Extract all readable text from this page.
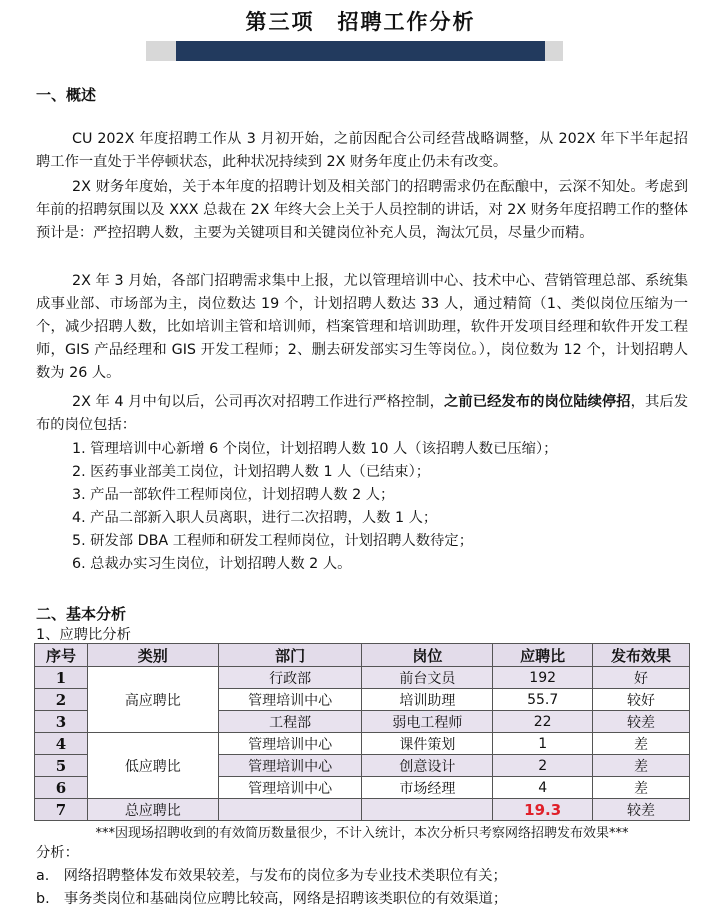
第三项　招聘工作分析
一、概述
CU 202X 年度招聘工作从 3 月初开始，之前因配合公司经营战略调整，从 202X 年下半年起招聘工作一直处于半停顿状态，此种状况持续到 2X 财务年度止仍未有改变。
2X 财务年度始，关于本年度的招聘计划及相关部门的招聘需求仍在酝酿中，云深不知处。考虑到年前的招聘氛围以及 XXX 总裁在 2X 年终大会上关于人员控制的讲话，对 2X 财务年度招聘工作的整体预计是：严控招聘人数，主要为关键项目和关键岗位补充人员，淘汰冗员，尽量少而精。
2X 年 3 月始，各部门招聘需求集中上报，尤以管理培训中心、技术中心、营销管理总部、系统集成事业部、市场部为主，岗位数达 19 个，计划招聘人数达 33 人，通过精简（1、类似岗位压缩为一个，减少招聘人数，比如培训主管和培训师，档案管理和培训助理，软件开发项目经理和软件开发工程师，GIS 产品经理和 GIS 开发工程师；2、删去研发部实习生等岗位。），岗位数为 12 个，计划招聘人数为 26 人。
2X 年 4 月中旬以后，公司再次对招聘工作进行严格控制，之前已经发布的岗位陆续停招，其后发布的岗位包括：
1. 管理培训中心新增 6 个岗位，计划招聘人数 10 人（该招聘人数已压缩）；
2. 医药事业部美工岗位，计划招聘人数 1 人（已结束）；
3. 产品一部软件工程师岗位，计划招聘人数 2 人；
4. 产品二部新入职人员离职，进行二次招聘，人数 1 人；
5. 研发部 DBA 工程师和研发工程师岗位，计划招聘人数待定；
6. 总裁办实习生岗位，计划招聘人数 2 人。
二、基本分析
1、应聘比分析
序号	类别	部门	岗位	应聘比	发布效果
1	高应聘比	行政部	前台文员	192	好
2		管理培训中心	培训助理	55.7	较好
3		工程部	弱电工程师	22	较差
4	低应聘比	管理培训中心	课件策划	1	差
5		管理培训中心	创意设计	2	差
6		管理培训中心	市场经理	4	差
7	总应聘比			19.3	较差
***因现场招聘收到的有效简历数量很少，不计入统计，本次分析只考察网络招聘发布效果***
分析：
a.　网络招聘整体发布效果较差，与发布的岗位多为专业技术类职位有关；
b.　事务类岗位和基础岗位应聘比较高，网络是招聘该类职位的有效渠道；
